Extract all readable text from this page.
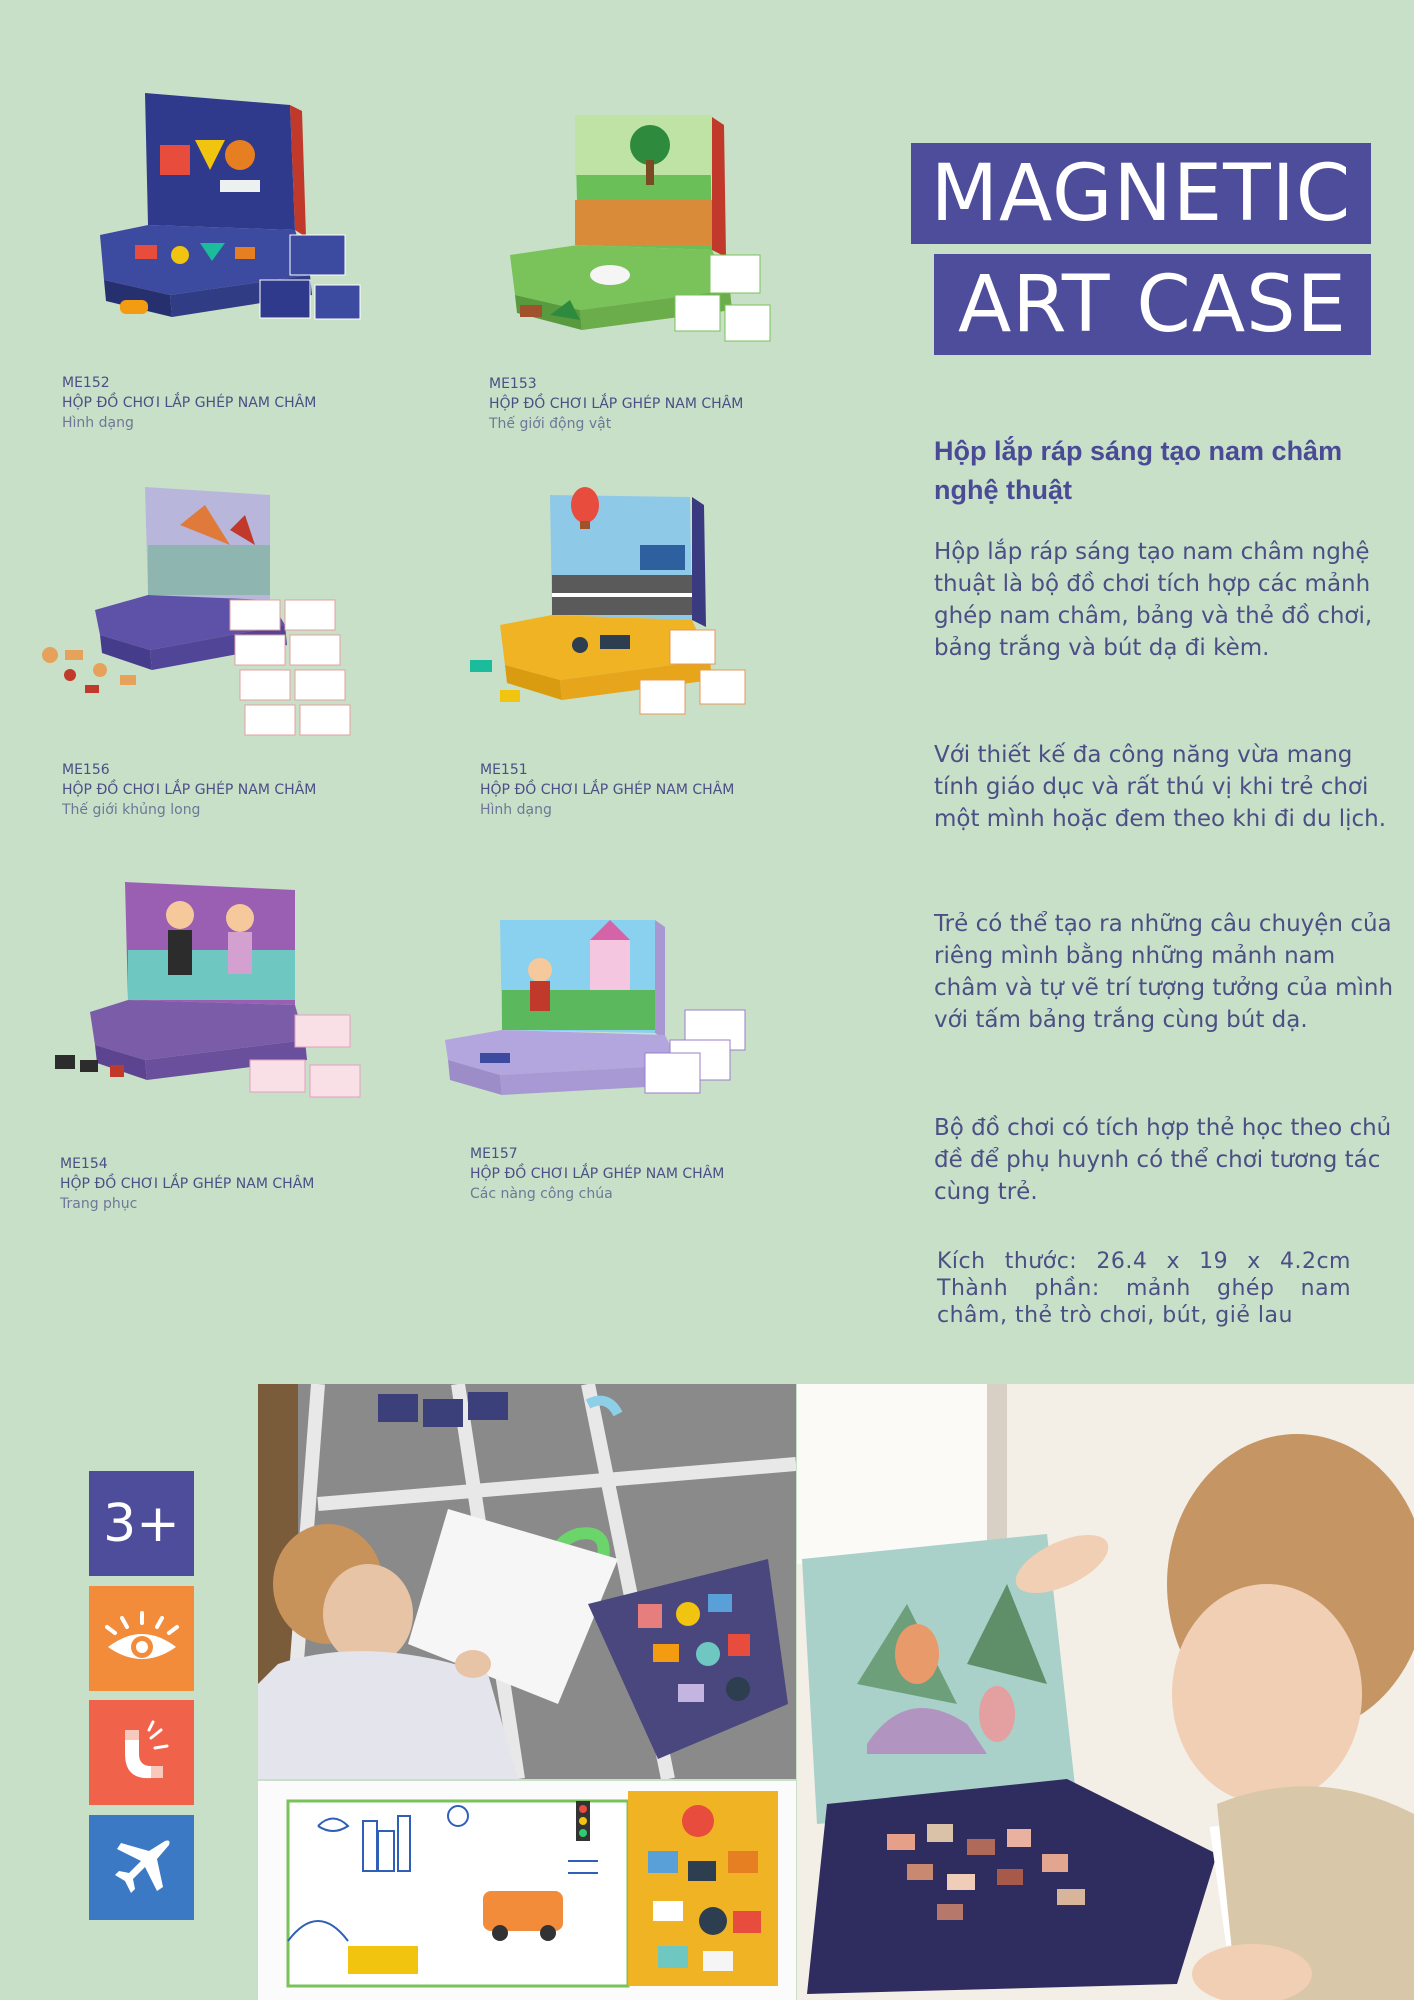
MAGNETIC
ART CASE
Hộp lắp ráp sáng tạo nam châm nghệ thuật
Hộp lắp ráp sáng tạo nam châm nghệ thuật là bộ đồ chơi tích hợp các mảnh ghép nam châm, bảng và thẻ đồ chơi, bảng trắng và bút dạ đi kèm.
Với thiết kế đa công năng vừa mang tính giáo dục và rất thú vị khi trẻ chơi một mình hoặc đem theo khi đi du lịch.
Trẻ có thể tạo ra những câu chuyện của riêng mình bằng những mảnh nam châm và tự vẽ trí tượng tưởng của mình với tấm bảng trắng cùng bút dạ.
Bộ đồ chơi có tích hợp thẻ học theo chủ đề để phụ huynh có thể chơi tương tác cùng trẻ.
Kích thước: 26.4 x 19 x 4.2cm
Thành phần: mảnh ghép nam
châm, thẻ trò chơi, bút, giẻ lau
ME152
HỘP ĐỒ CHƠI LẮP GHÉP NAM CHÂM
Hình dạng
ME153
HỘP ĐỒ CHƠI LẮP GHÉP NAM CHÂM
Thế giới động vật
ME156
HỘP ĐỒ CHƠI LẮP GHÉP NAM CHÂM
Thế giới khủng long
ME151
HỘP ĐỒ CHƠI LẮP GHÉP NAM CHÂM
Hình dạng
ME154
HỘP ĐỒ CHƠI LẮP GHÉP NAM CHÂM
Trang phục
ME157
HỘP ĐỒ CHƠI LẮP GHÉP NAM CHÂM
Các nàng công chúa
3+
